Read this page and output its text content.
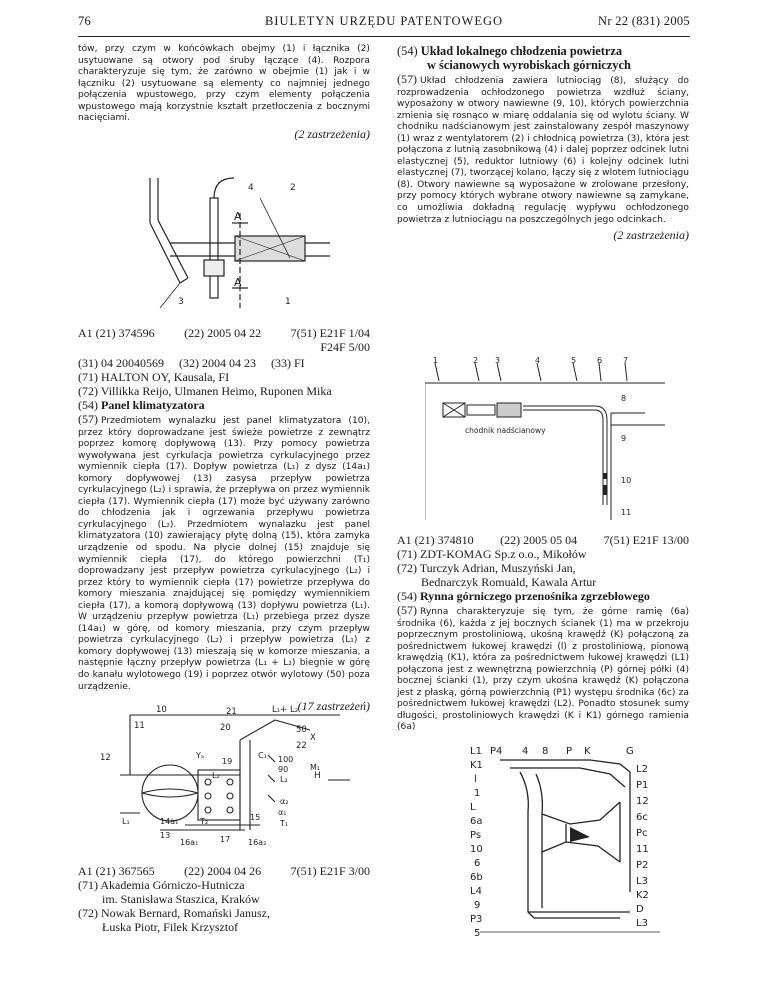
76	BIULETYN URZĘDU PATENTOWEGO	Nr 22 (831) 2005

tów, przy czym w końcówkach obejmy (1) i łącznika (2) usytuowane są otwory pod śruby łączące (4). Rozpora charakteryzuje się tym, że zarówno w obejmie (1) jak i w łączniku (2) usytuowane są elementy co najmniej jednego połączenia wpustowego, przy czym elementy połączenia wpustowego mają korzystnie kształt przetłoczenia z bocznymi nacięciami.

(2 zastrzeżenia)
4	2
A
A
3	1
A1 (21) 374596 (22) 2005 04 22 7(51) E21F 1/04
F24F 5/00
(31) 04 20040569 (32) 2004 04 23 (33) FI
(71) HALTON OY, Kausala, FI
(72) Villikka Reijo, Ulmanen Heimo, Ruponen Mika
(54) Panel klimatyzatora

(57) Przedmiotem wynalazku jest panel klimatyzatora (10), przez który doprowadzane jest świeże powietrze z zewnątrz poprzez komorę dopływową (13). Przy pomocy powietrza wywoływana jest cyrkulacja powietrza cyrkulacyjnego przez wymiennik ciepła (17). Dopływ powietrza (L₁) z dysz (14a₁) komory dopływowej (13) zasysa przepływ powietrza cyrkulacyjnego (L₂) i sprawia, że przepływa on przez wymiennik ciepła (17). Wymiennik ciepła (17) może być używany zarówno do chłodzenia jak i ogrzewania przepływu powietrza cyrkulacyjnego (L₂). Przedmiotem wynalazku jest panel klimatyzatora (10) zawierający płytę dolną (15), która zamyka urządzenie od spodu. Na płycie dolnej (15) znajduje się wymiennik ciepła (17), do którego powierzchni (T₁) doprowadzany jest przepływ powietrza cyrkulacyjnego (L₂) i przez który to wymiennik ciepła (17) powietrze przepływa do komory mieszania znajdującej się pomiędzy wymiennikiem ciepła (17), a komorą dopływową (13) dopływu powietrza (L₁). W urządzeniu przepływ powietrza (L₁) przebiega przez dysze (14a₁) w górę, od komory mieszania, przy czym przepływ powietrza cyrkulacyjnego (L₂) i przepływ powietrza (L₁) z komory dopływowej (13) mieszają się w komorze mieszania, a następnie łączny przepływ powietrza (L₁ + L₂) biegnie w górę do kanału wylotowego (19) i poprzez otwór wylotowy (50) poza urządzenie.

(17 zastrzeżeń)
10
11
21
20
L₁+ L₂
50
X
22
12	Yₐ	C₁
19	100
90	M₁
L₂	L₂	H
α₂
α₁
T₁
L₁	14a₁
13
T₂	15
16a₁	17 16a₂
A1 (21) 367565 (22) 2004 04 26 7(51) E21F 3/00
(71) Akademia Górniczo-Hutnicza
im. Stanisława Staszica, Kraków
(72) Nowak Bernard, Romański Janusz,
Łuska Piotr, Filek Krzysztof
(54) Układ lokalnego chłodzenia powietrza
w ścianowych wyrobiskach górniczych

(57) Układ chłodzenia zawiera lutniociąg (8), służący do rozprowadzenia ochłodzonego powietrza wzdłuż ściany, wyposażony w otwory nawiewne (9, 10), których powierzchnia zmienia się rosnąco w miarę oddalania się od wylotu ściany. W chodniku nadścianowym jest zainstalowany zespół maszynowy (1) wraz z wentylatorem (2) i chłodnicą powietrza (3), która jest połączona z lutnią zasobnikową (4) i dalej poprzez odcinek lutni elastycznej (5), reduktor lutniowy (6) i kolejny odcinek lutni elastycznej (7), tworzącej kolano, łączy się z wlotem lutniociągu (8). Otwory nawiewne są wyposażone w zrolowane przesłony, przy pomocy których wybrane otwory nawiewne są zamykane, co umożliwia dokładną regulację wypływu ochłodzonego powietrza z lutniociągu na poszczególnych jego odcinkach.

(2 zastrzeżenia)
1	2 3	4	5	6	7
8
9
10
11
chodnik nadścianowy
A1 (21) 374810 (22) 2005 05 04 7(51) E21F 13/00
(71) ZDT-KOMAG Sp.z o.o., Mikołów
(72) Turczyk Adrian, Muszyński Jan,
Bednarczyk Romuald, Kawala Artur
(54) Rynna górniczego przenośnika zgrzebłowego

(57) Rynna charakteryzuje się tym, że górne ramię (6a) środnika (6), każda z jej bocznych ścianek (1) ma w przekroju poprzecznym prostoliniową, ukośną krawędź (K) połączoną za pośrednictwem łukowej krawędzi (l) z prostoliniową, pionową krawędzią (K1), która za pośrednictwem łukowej krawędzi (L1) połączona jest z wewnętrzną powierzchnią (P) górnej półki (4) bocznej ścianki (1), przy czym ukośna krawędź (K) połączona jest z płaską, górną powierzchnią (P1) występu środnika (6c) za pośrednictwem łukowej krawędzi (L2). Ponadto stosunek sumy długości, prostoliniowych krawędzi (K i K1) górnego ramienia (6a)

L1 P4 4 8 P K	G
K1	L2
l
P1
1
L
12
6a	6c
Ps	Pc
10	11
6	P2
6b	L3
L4	K2
9	D
P3	L3
5
